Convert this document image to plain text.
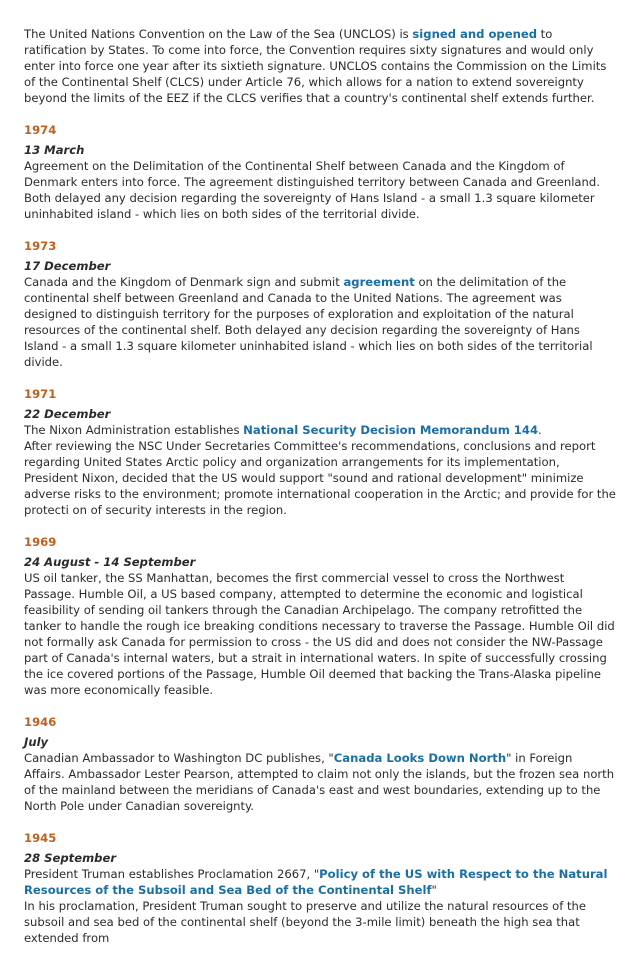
The United Nations Convention on the Law of the Sea (UNCLOS) is signed and opened to ratification by States. To come into force, the Convention requires sixty signatures and would only enter into force one year after its sixtieth signature. UNCLOS contains the Commission on the Limits of the Continental Shelf (CLCS) under Article 76, which allows for a nation to extend sovereignty beyond the limits of the EEZ if the CLCS verifies that a country's continental shelf extends further.

1974

13 March

Agreement on the Delimitation of the Continental Shelf between Canada and the Kingdom of Denmark enters into force. The agreement distinguished territory between Canada and Greenland. Both delayed any decision regarding the sovereignty of Hans Island - a small 1.3 square kilometer uninhabited island - which lies on both sides of the territorial divide.

1973

17 December

Canada and the Kingdom of Denmark sign and submit agreement on the delimitation of the continental shelf between Greenland and Canada to the United Nations. The agreement was designed to distinguish territory for the purposes of exploration and exploitation of the natural resources of the continental shelf. Both delayed any decision regarding the sovereignty of Hans Island - a small 1.3 square kilometer uninhabited island - which lies on both sides of the territorial divide.

1971

22 December

The Nixon Administration establishes National Security Decision Memorandum 144.

After reviewing the NSC Under Secretaries Committee's recommendations, conclusions and report regarding United States Arctic policy and organization arrangements for its implementation, President Nixon, decided that the US would support "sound and rational development" minimize adverse risks to the environment; promote international cooperation in the Arctic; and provide for the protecti on of security interests in the region.

1969

24 August - 14 September

US oil tanker, the SS Manhattan, becomes the first commercial vessel to cross the Northwest Passage. Humble Oil, a US based company, attempted to determine the economic and logistical feasibility of sending oil tankers through the Canadian Archipelago. The company retrofitted the tanker to handle the rough ice breaking conditions necessary to traverse the Passage. Humble Oil did not formally ask Canada for permission to cross - the US did and does not consider the NW-Passage part of Canada's internal waters, but a strait in international waters. In spite of successfully crossing the ice covered portions of the Passage, Humble Oil deemed that backing the Trans-Alaska pipeline was more economically feasible.

1946

July

Canadian Ambassador to Washington DC publishes, "Canada Looks Down North" in Foreign Affairs. Ambassador Lester Pearson, attempted to claim not only the islands, but the frozen sea north of the mainland between the meridians of Canada's east and west boundaries, extending up to the North Pole under Canadian sovereignty.

1945

28 September

President Truman establishes Proclamation 2667, "Policy of the US with Respect to the Natural Resources of the Subsoil and Sea Bed of the Continental Shelf"

In his proclamation, President Truman sought to preserve and utilize the natural resources of the subsoil and sea bed of the continental shelf (beyond the 3-mile limit) beneath the high sea that extended from
